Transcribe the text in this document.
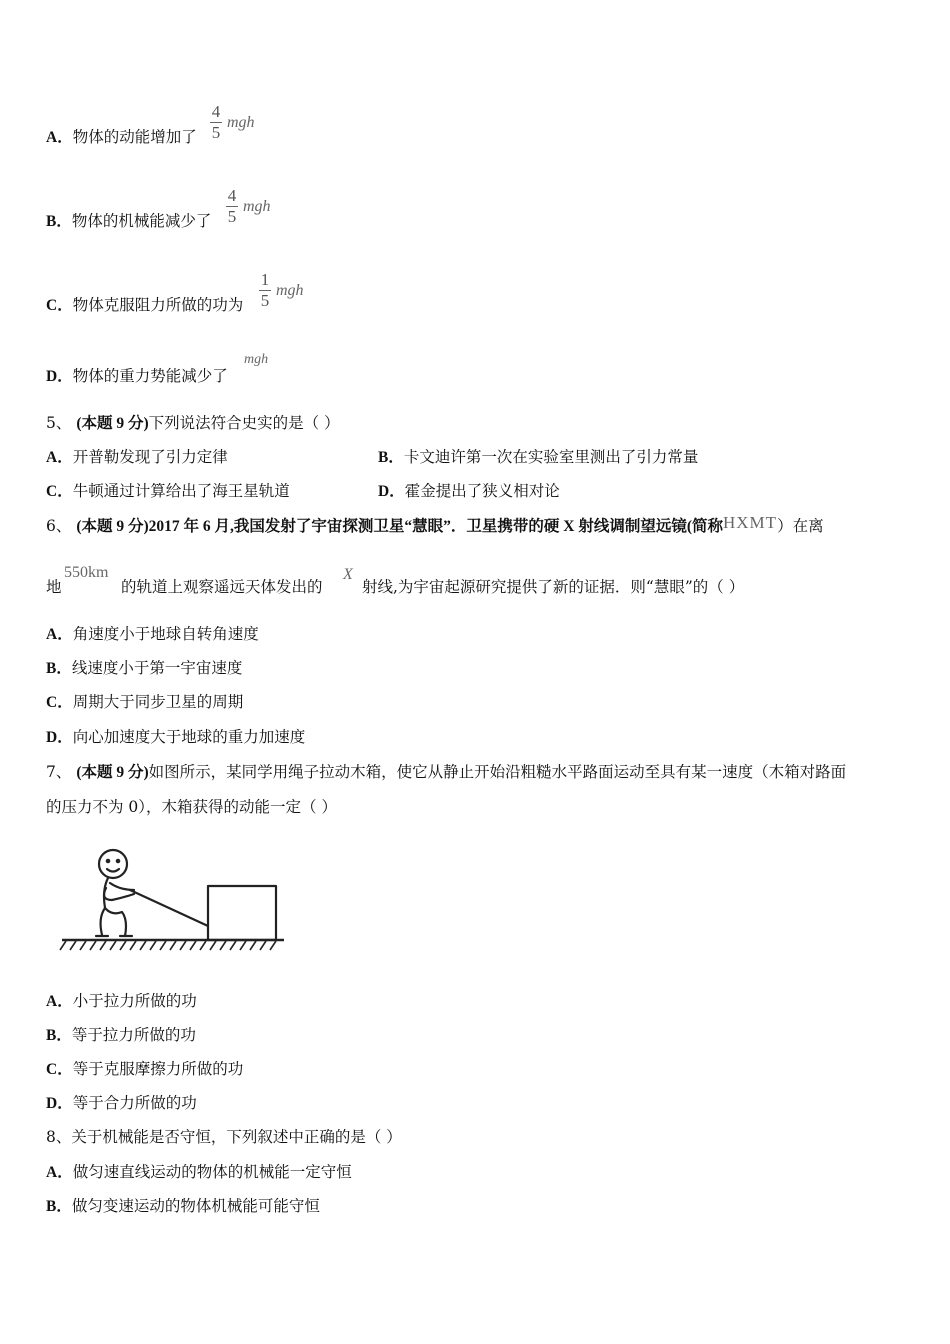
A．物体的动能增加了
4
5
mgh
B．物体的机械能减少了
4
5
mgh
C．物体克服阻力所做的功为
1
5
mgh
D．物体的重力势能减少了
mgh
5、 (本题 9 分)下列说法符合史实的是（ ）
A．开普勒发现了引力定律	B．卡文迪许第一次在实验室里测出了引力常量
C．牛顿通过计算给出了海王星轨道	D．霍金提出了狭义相对论
6、 (本题 9 分)2017 年 6 月,我国发射了宇宙探测卫星“慧眼”．卫星携带的硬 X 射线调制望远镜(简称HXMT）在离
地
550km
的轨道上观察遥远天体发出的
X
射线,为宇宙起源研究提供了新的证据．则“慧眼”的（ ）
A．角速度小于地球自转角速度
B．线速度小于第一宇宙速度
C．周期大于同步卫星的周期
D．向心加速度大于地球的重力加速度
7、 (本题 9 分)如图所示，某同学用绳子拉动木箱，使它从静止开始沿粗糙水平路面运动至具有某一速度（木箱对路面
的压力不为 0），木箱获得的动能一定（ ）
A．小于拉力所做的功
B．等于拉力所做的功
C．等于克服摩擦力所做的功
D．等于合力所做的功
8、关于机械能是否守恒，下列叙述中正确的是（ ）
A．做匀速直线运动的物体的机械能一定守恒
B．做匀变速运动的物体机械能可能守恒
